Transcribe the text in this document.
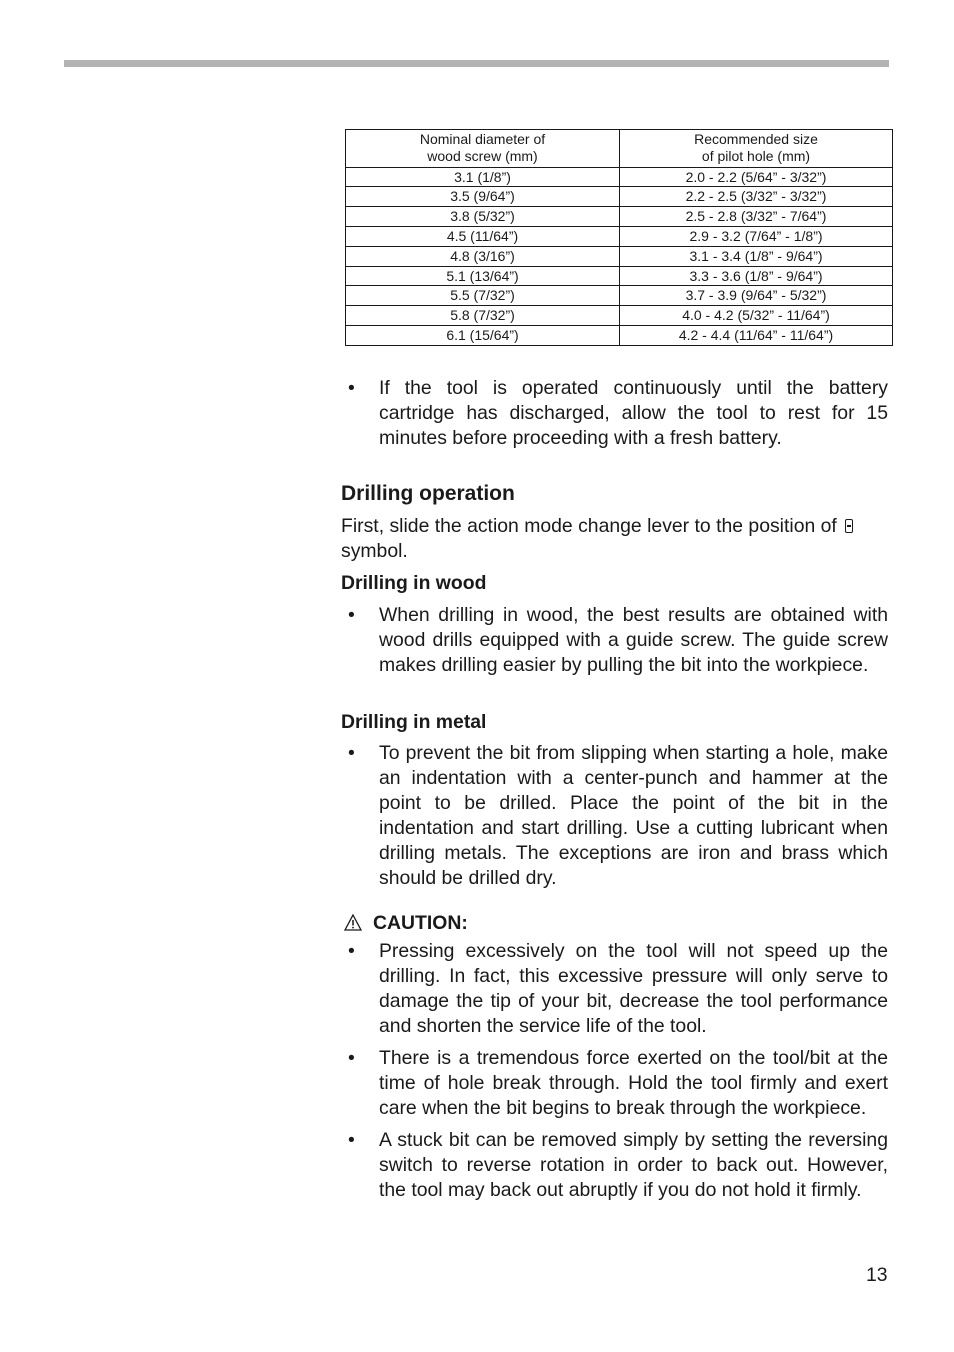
Nominal diameter of
wood screw (mm)	Recommended size
of pilot hole (mm)

3.1 (1/8”)	2.0 - 2.2 (5/64” - 3/32”)
3.5 (9/64”)	2.2 - 2.5 (3/32” - 3/32”)
3.8 (5/32”)	2.5 - 2.8 (3/32” - 7/64”)
4.5 (11/64”)	2.9 - 3.2 (7/64” - 1/8”)
4.8 (3/16”)	3.1 - 3.4 (1/8” - 9/64”)
5.1 (13/64”)	3.3 - 3.6 (1/8” - 9/64”)
5.5 (7/32”)	3.7 - 3.9 (9/64” - 5/32”)
5.8 (7/32”)	4.0 - 4.2 (5/32” - 11/64”)
6.1 (15/64”)	4.2 - 4.4 (11/64” - 11/64”)

• If the tool is operated continuously until the battery cartridge has discharged, allow the tool to rest for 15 minutes before proceeding with a fresh battery.

Drilling operation

First, slide the action mode change lever to the position of
symbol.

Drilling in wood

• When drilling in wood, the best results are obtained with wood drills equipped with a guide screw. The guide screw makes drilling easier by pulling the bit into the workpiece.

Drilling in metal

• To prevent the bit from slipping when starting a hole, make an indentation with a center-punch and hammer at the point to be drilled. Place the point of the bit in the indentation and start drilling. Use a cutting lubricant when drilling metals. The exceptions are iron and brass which should be drilled dry.

CAUTION:

• Pressing excessively on the tool will not speed up the drilling. In fact, this excessive pressure will only serve to damage the tip of your bit, decrease the tool performance and shorten the service life of the tool.

• There is a tremendous force exerted on the tool/bit at the time of hole break through. Hold the tool firmly and exert care when the bit begins to break through the workpiece.

• A stuck bit can be removed simply by setting the reversing switch to reverse rotation in order to back out. However, the tool may back out abruptly if you do not hold it firmly.

13
